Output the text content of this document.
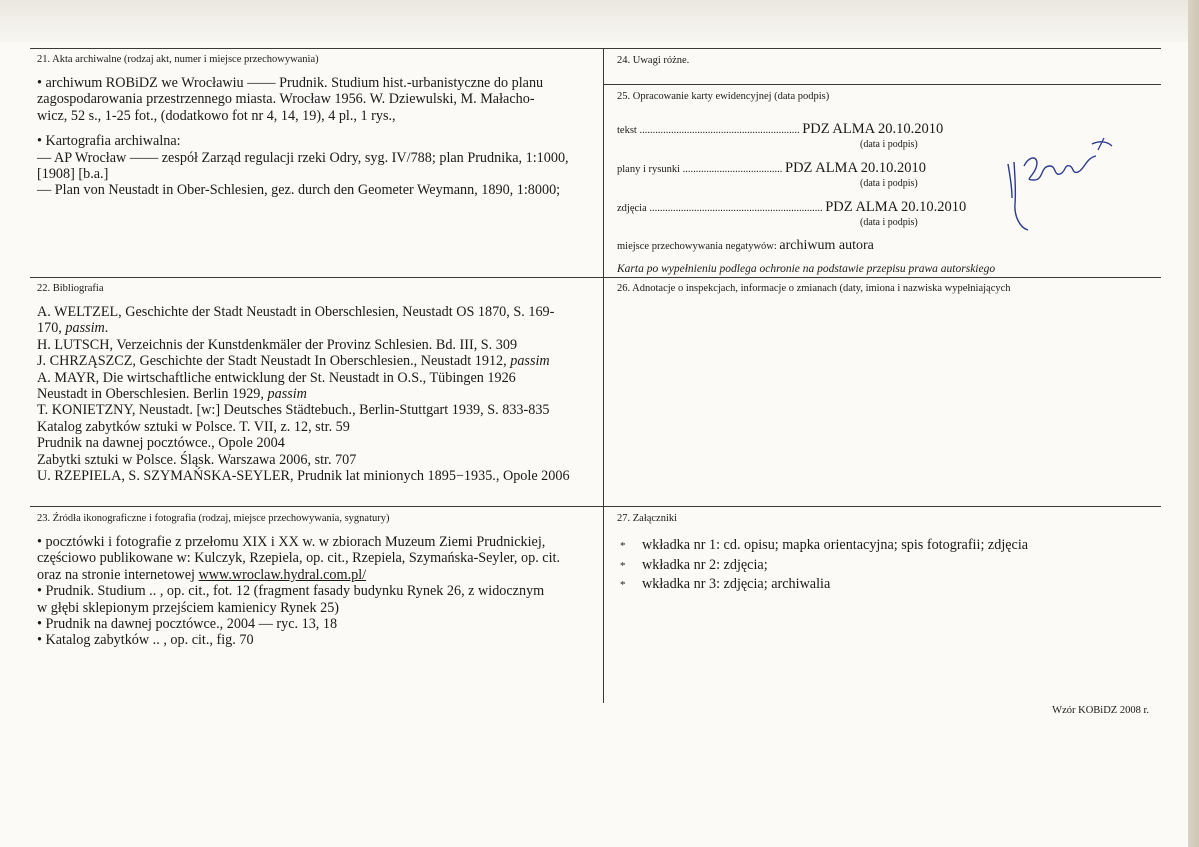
21. Akta archiwalne (rodzaj akt, numer i miejsce przechowywania)

• archiwum ROBiDZ we Wrocławiu —— Prudnik. Studium hist.-urbanistyczne do planu

zagospodarowania przestrzennego miasta. Wrocław 1956. W. Dziewulski, M. Małacho-

wicz, 52 s., 1-25 fot., (dodatkowo fot nr 4, 14, 19), 4 pl., 1 rys.,

• Kartografia archiwalna:

— AP Wrocław —— zespół Zarząd regulacji rzeki Odry, syg. IV/788; plan Prudnika, 1:1000,

[1908] [b.a.]

— Plan von Neustadt in Ober-Schlesien, gez. durch den Geometer Weymann, 1890, 1:8000;

24. Uwagi różne.
25. Opracowanie karty ewidencyjnej (data podpis)
tekst ............................................................. PDZ ALMA 20.10.2010
(data i podpis)
plany i rysunki ...................................... PDZ ALMA 20.10.2010
(data i podpis)
zdjęcia .................................................................. PDZ ALMA 20.10.2010
(data i podpis)
miejsce przechowywania negatywów: archiwum autora
Karta po wypełnieniu podlega ochronie na podstawie przepisu prawa autorskiego
22. Bibliografia

A. WELTZEL, Geschichte der Stadt Neustadt in Oberschlesien, Neustadt OS 1870, S. 169-

170, passim.

H. LUTSCH, Verzeichnis der Kunstdenkmäler der Provinz Schlesien. Bd. III, S. 309

J. CHRZĄSZCZ, Geschichte der Stadt Neustadt In Oberschlesien., Neustadt 1912, passim

A. MAYR, Die wirtschaftliche entwicklung der St. Neustadt in O.S., Tübingen 1926

Neustadt in Oberschlesien. Berlin 1929, passim

T. KONIETZNY, Neustadt. [w:] Deutsches Städtebuch., Berlin-Stuttgart 1939, S. 833-835

Katalog zabytków sztuki w Polsce. T. VII, z. 12, str. 59

Prudnik na dawnej pocztówce., Opole 2004

Zabytki sztuki w Polsce. Śląsk. Warszawa 2006, str. 707

U. RZEPIELA, S. SZYMAŃSKA-SEYLER, Prudnik lat minionych 1895−1935., Opole 2006

26. Adnotacje o inspekcjach, informacje o zmianach (daty, imiona i nazwiska wypełniających
23. Źródła ikonograficzne i fotografia (rodzaj, miejsce przechowywania, sygnatury)

• pocztówki i fotografie z przełomu XIX i XX w. w zbiorach Muzeum Ziemi Prudnickiej,

częściowo publikowane w: Kulczyk, Rzepiela, op. cit., Rzepiela, Szymańska-Seyler, op. cit.

oraz na stronie internetowej www.wroclaw.hydral.com.pl/

• Prudnik. Studium .. , op. cit., fot. 12 (fragment fasady budynku Rynek 26, z widocznym

w głębi sklepionym przejściem kamienicy Rynek 25)

• Prudnik na dawnej pocztówce., 2004 — ryc. 13, 18

• Katalog zabytków .. , op. cit., fig. 70

27. Załączniki
* wkładka nr 1: cd. opisu; mapka orientacyjna; spis fotografii; zdjęcia
* wkładka nr 2: zdjęcia;
* wkładka nr 3: zdjęcia; archiwalia
Wzór KOBiDZ 2008 r.
